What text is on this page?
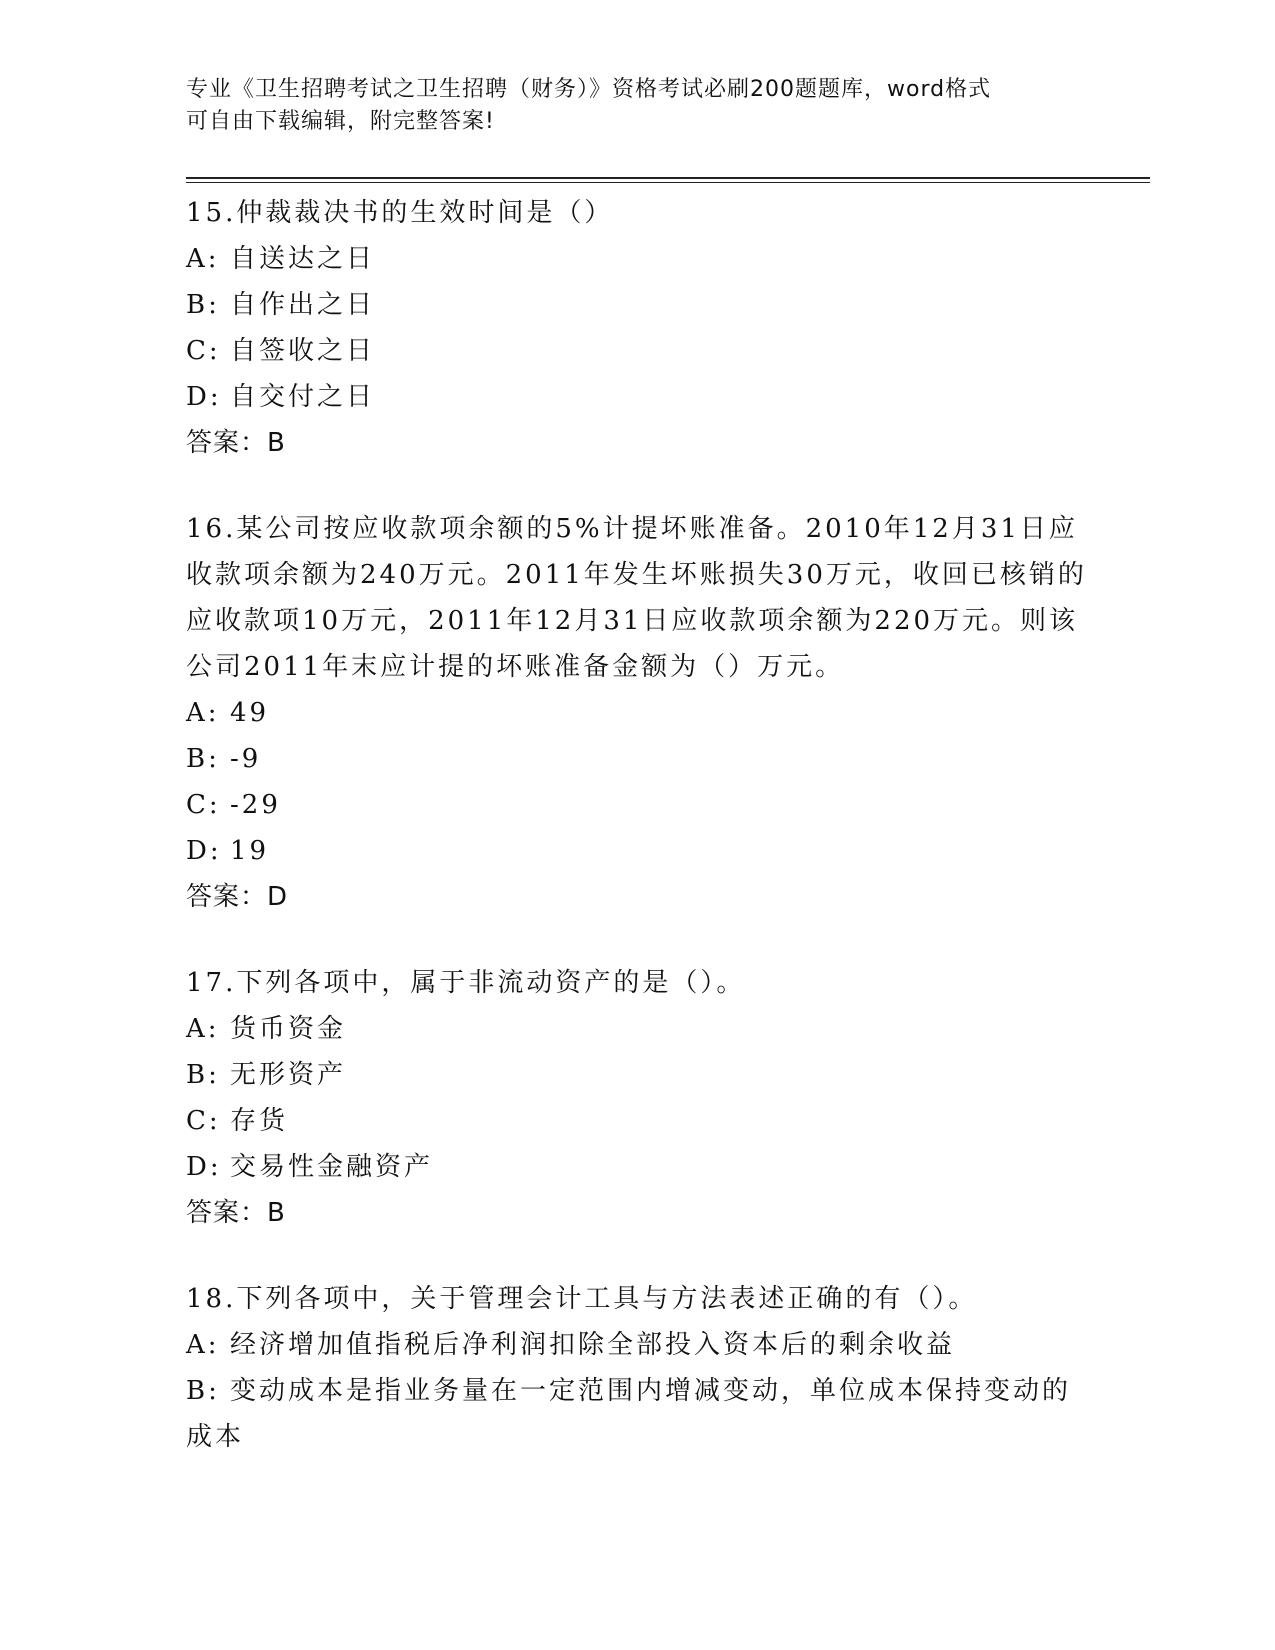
专业《卫生招聘考试之卫生招聘（财务）》资格考试必刷200题题库，word格式
可自由下载编辑，附完整答案!
15.仲裁裁决书的生效时间是（）
A: 自送达之日
B: 自作出之日
C: 自签收之日
D: 自交付之日
答案：B
16.某公司按应收款项余额的5%计提坏账准备。2010年12月31日应
收款项余额为240万元。2011年发生坏账损失30万元，收回已核销的
应收款项10万元，2011年12月31日应收款项余额为220万元。则该
公司2011年末应计提的坏账准备金额为（）万元。
A: 49
B: -9
C: -29
D: 19
答案：D
17.下列各项中，属于非流动资产的是（）。
A: 货币资金
B: 无形资产
C: 存货
D: 交易性金融资产
答案：B
18.下列各项中，关于管理会计工具与方法表述正确的有（）。
A: 经济增加值指税后净利润扣除全部投入资本后的剩余收益
B: 变动成本是指业务量在一定范围内增减变动，单位成本保持变动的
成本
